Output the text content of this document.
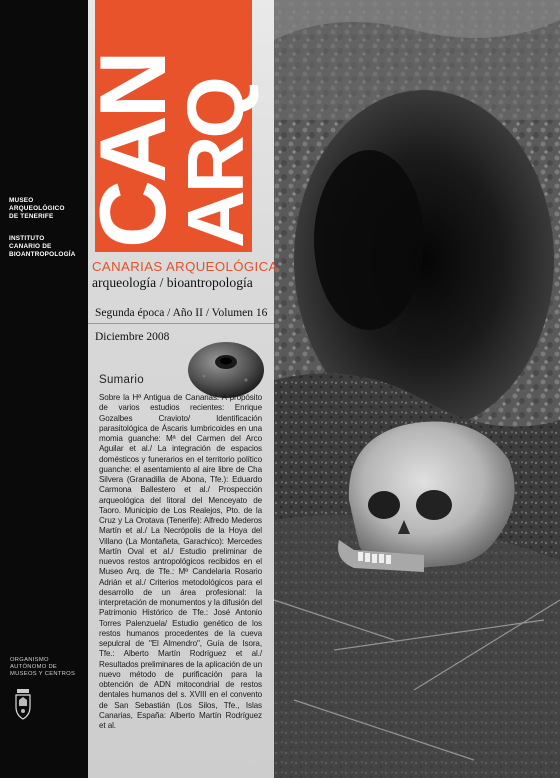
MUSEO
ARQUEOLÓGICO
DE TENERIFE
INSTITUTO
CANARIO DE
BIOANTROPOLOGÍA
ORGANISMO
AUTÓNOMO DE
MUSEOS Y CENTROS
CAN
ARQ
CANARIAS ARQUEOLÓGICA
arqueología / bioantropología
Segunda época / Año II / Volumen 16
Diciembre 2008
Sumario

Sobre la Hª Antigua de Canarias. A propósito de varios estudios recientes: Enrique Gozalbes Cravioto/ Identificación parasitológica de Áscaris lumbricoides en una momia guanche: Mª del Carmen del Arco Aguilar et al./ La integración de espacios domésticos y funerarios en el territorio político guanche: el asentamiento al aire libre de Cha Silvera (Granadilla de Abona, Tfe.): Eduardo Carmona Ballestero et al./ Prospección arqueológica del litoral del Menceyato de Taoro. Municipio de Los Realejos, Pto. de la Cruz y La Orotava (Tenerife): Alfredo Mederos Martín et al./ La Necrópolis de la Hoya del Villano (La Montañeta, Garachico): Mercedes Martín Oval et al./ Estudio preliminar de nuevos restos antropológicos recibidos en el Museo Arq. de Tfe.: Mª Candelaria Rosario Adrián et al./ Criterios metodológicos para el desarrollo de un área profesional: la interpretación de monumentos y la difusión del Patrimonio Histórico de Tfe.: José Antonio Torres Palenzuela/ Estudio genético de los restos humanos procedentes de la cueva sepulcral de "El Almendro", Guía de Isora, Tfe.: Alberto Martín Rodríguez et al./ Resultados preliminares de la aplicación de un nuevo método de purificación para la obtención de ADN mitocondrial de restos dentales humanos del s. XVIII en el convento de San Sebastián (Los Silos, Tfe., Islas Canarias, España: Alberto Martín Rodríguez et al.
